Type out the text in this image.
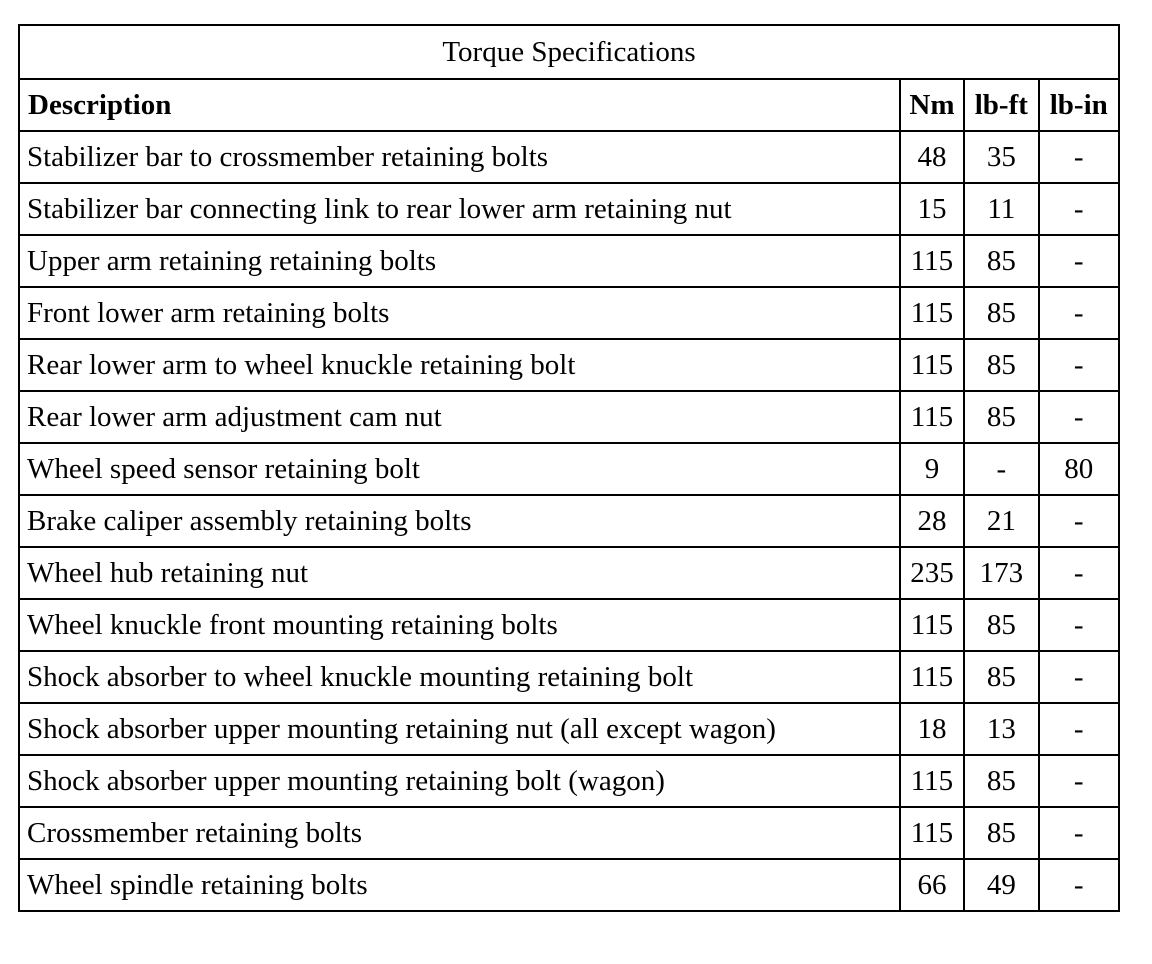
Torque Specifications			
Description	Nm	lb-ft	lb-in
Stabilizer bar to crossmember retaining bolts	48	35	-
Stabilizer bar connecting link to rear lower arm retaining nut	15	11	-
Upper arm retaining retaining bolts	115	85	-
Front lower arm retaining bolts	115	85	-
Rear lower arm to wheel knuckle retaining bolt	115	85	-
Rear lower arm adjustment cam nut	115	85	-
Wheel speed sensor retaining bolt	9	-	80
Brake caliper assembly retaining bolts	28	21	-
Wheel hub retaining nut	235	173	-
Wheel knuckle front mounting retaining bolts	115	85	-
Shock absorber to wheel knuckle mounting retaining bolt	115	85	-
Shock absorber upper mounting retaining nut (all except wagon)	18	13	-
Shock absorber upper mounting retaining bolt (wagon)	115	85	-
Crossmember retaining bolts	115	85	-
Wheel spindle retaining bolts	66	49	-
